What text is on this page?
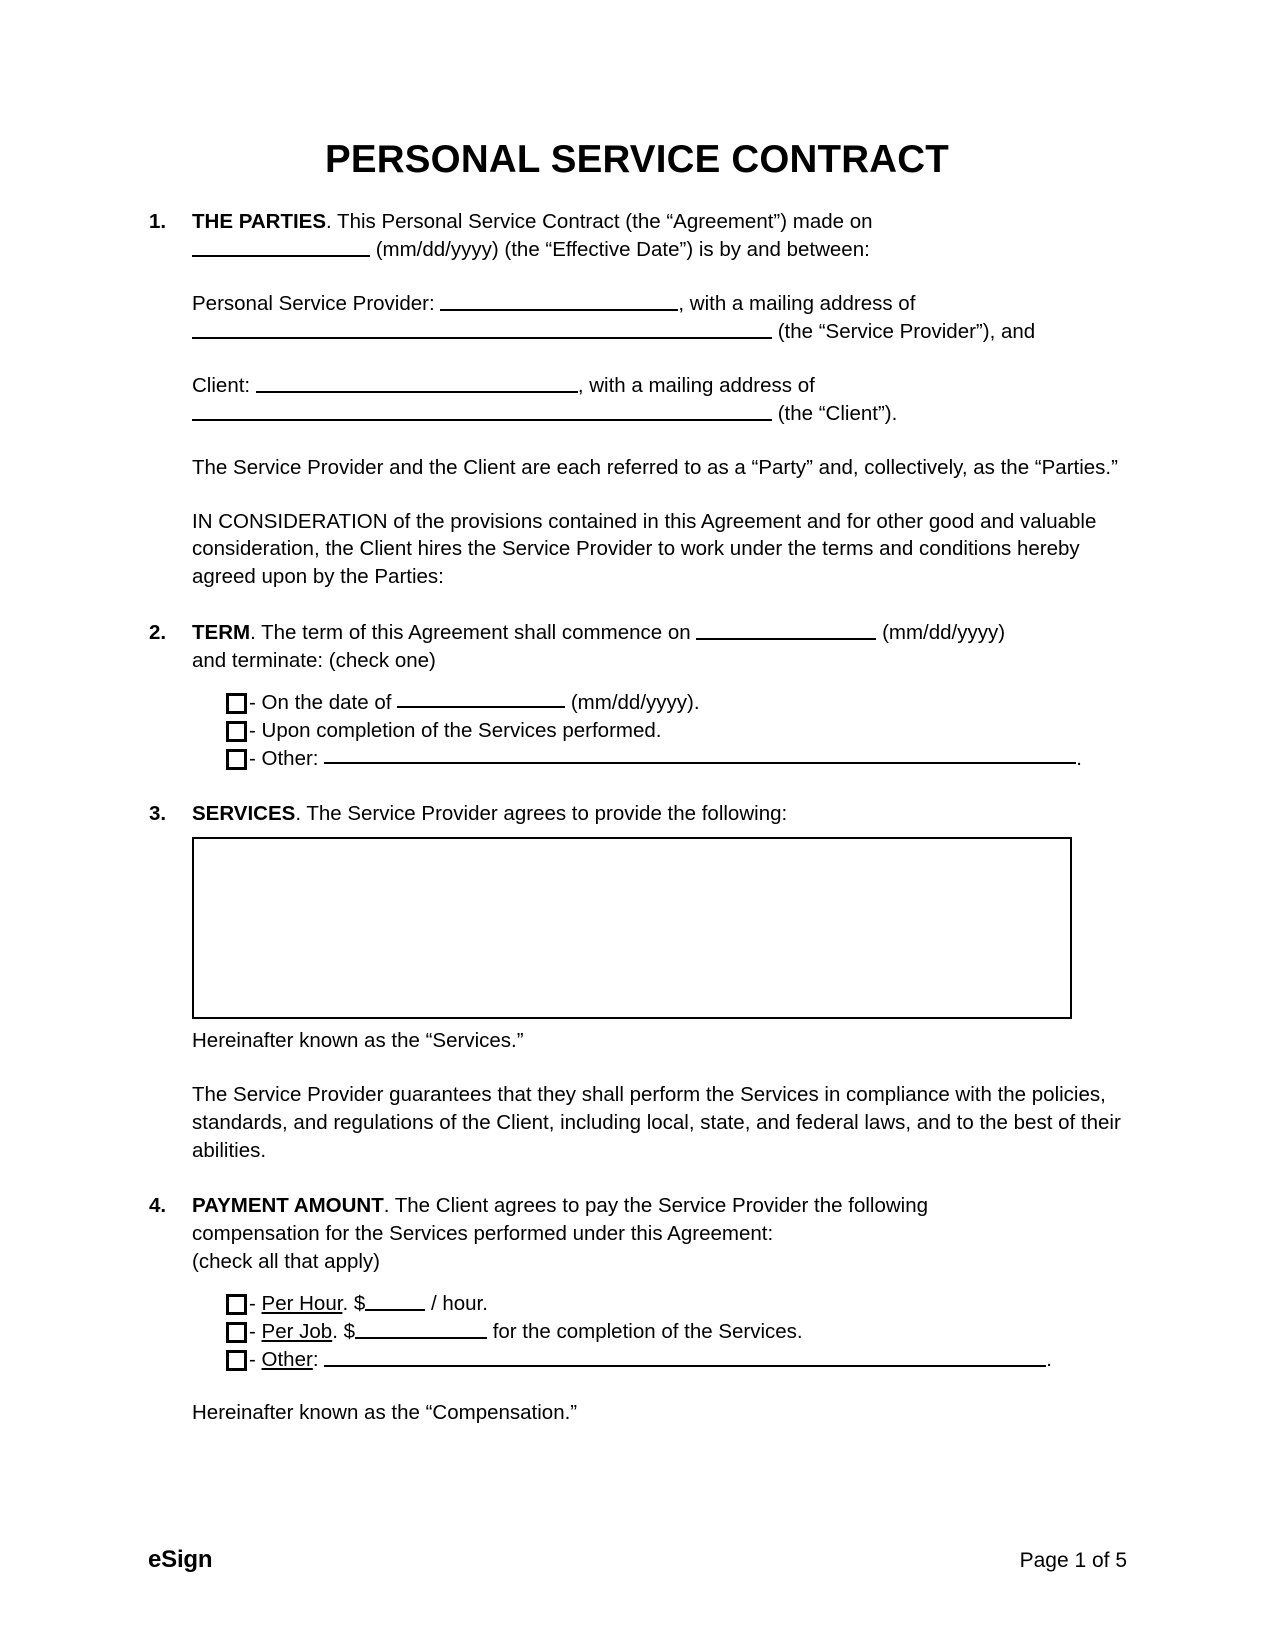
PERSONAL SERVICE CONTRACT
1.	THE PARTIES. This Personal Service Contract (the “Agreement”) made on
(mm/dd/yyyy) (the “Effective Date”) is by and between:
Personal Service Provider:	, with a mailing address of
(the “Service Provider”), and
Client:	, with a mailing address of
(the “Client”).
The Service Provider and the Client are each referred to as a “Party” and, collectively, as the “Parties.”
IN CONSIDERATION of the provisions contained in this Agreement and for other good and valuable consideration, the Client hires the Service Provider to work under the terms and conditions hereby agreed upon by the Parties:
2.	TERM. The term of this Agreement shall commence on	(mm/dd/yyyy)
and terminate: (check one)
- On the date of

	(mm/dd/yyyy).
- Upon completion of the Services performed.
- Other:
	.
3.	SERVICES. The Service Provider agrees to provide the following:
Hereinafter known as the “Services.”
The Service Provider guarantees that they shall perform the Services in compliance with the policies, standards, and regulations of the Client, including local, state, and federal laws, and to the best of their abilities.
4.	PAYMENT AMOUNT. The Client agrees to pay the Service Provider the following
compensation for the Services performed under this Agreement:
(check all that apply)
- Per Hour. $	/ hour.
- Per Job. $	for the completion of the Services.
- Other:	.
Hereinafter known as the “Compensation.”
eSign	Page 1 of 5
